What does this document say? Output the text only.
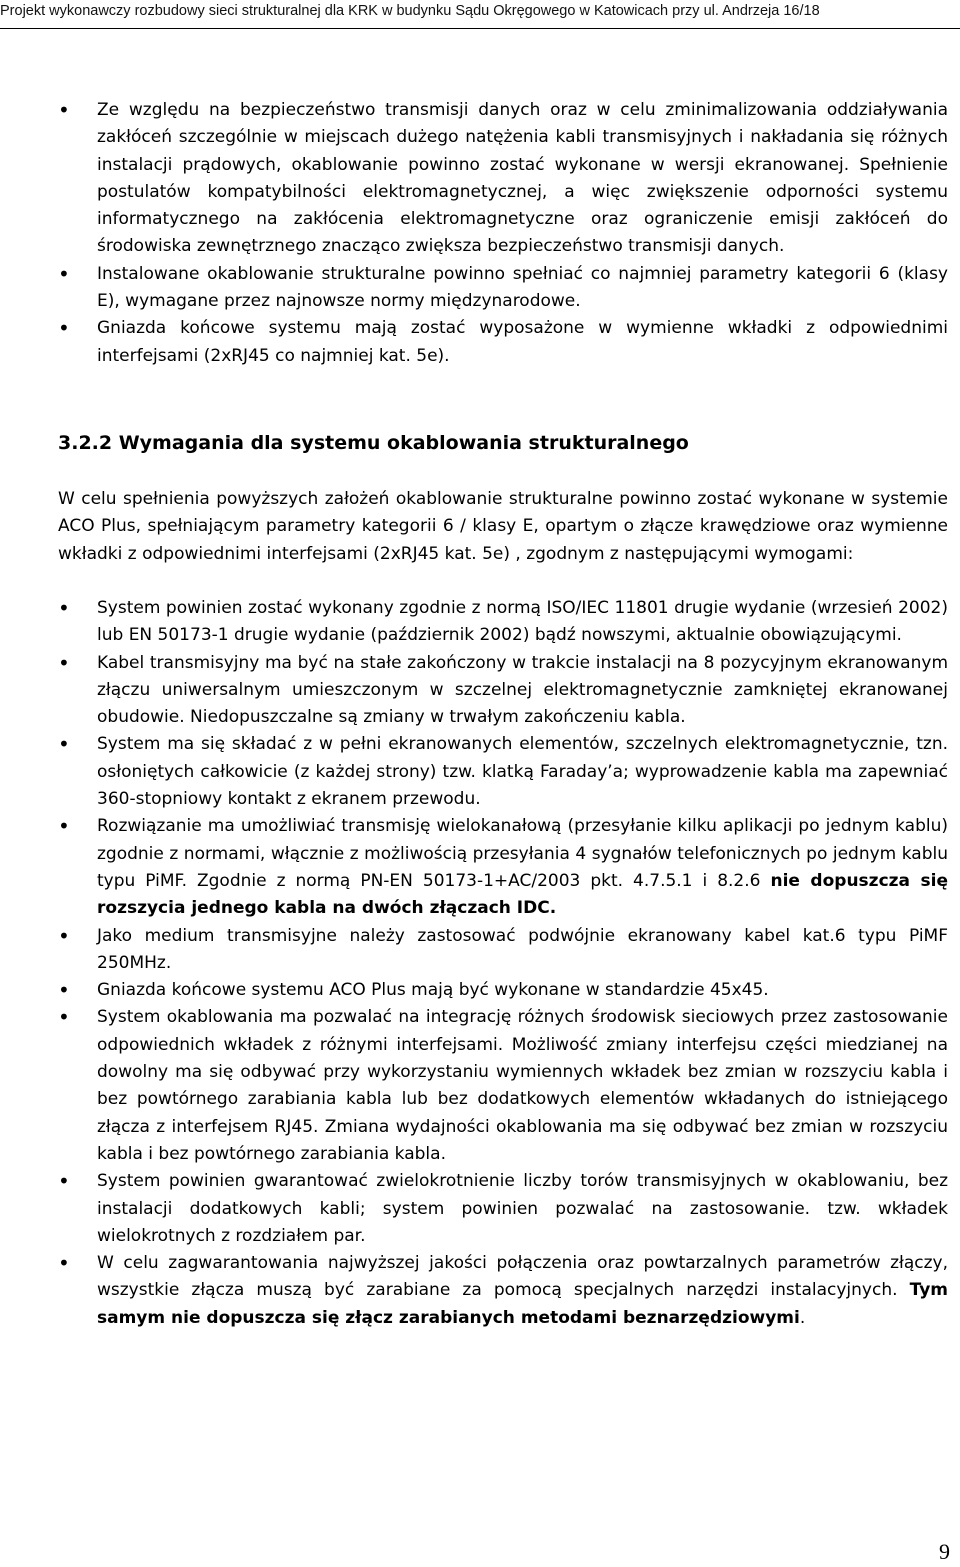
Projekt wykonawczy rozbudowy sieci strukturalnej dla KRK w budynku Sądu Okręgowego w Katowicach przy ul. Andrzeja 16/18
• Ze względu na bezpieczeństwo transmisji danych oraz w celu zminimalizowania oddziaływania zakłóceń szczególnie w miejscach dużego natężenia kabli transmisyjnych i nakładania się różnych instalacji prądowych, okablowanie powinno zostać wykonane w wersji ekranowanej. Spełnienie postulatów kompatybilności elektromagnetycznej, a więc zwiększenie odporności systemu informatycznego na zakłócenia elektromagnetyczne oraz ograniczenie emisji zakłóceń do środowiska zewnętrznego znacząco zwiększa bezpieczeństwo transmisji danych.
• Instalowane okablowanie strukturalne powinno spełniać co najmniej parametry kategorii 6 (klasy E), wymagane przez najnowsze normy międzynarodowe.
• Gniazda końcowe systemu mają zostać wyposażone w wymienne wkładki z odpowiednimi interfejsami (2xRJ45 co najmniej kat. 5e).
3.2.2 Wymagania dla systemu okablowania strukturalnego

W celu spełnienia powyższych założeń okablowanie strukturalne powinno zostać wykonane w systemie ACO Plus, spełniającym parametry kategorii 6 / klasy E, opartym o złącze krawędziowe oraz wymienne wkładki z odpowiednimi interfejsami (2xRJ45 kat. 5e) , zgodnym z następującymi wymogami:

• System powinien zostać wykonany zgodnie z normą ISO/IEC 11801 drugie wydanie (wrzesień 2002) lub EN 50173-1 drugie wydanie (październik 2002) bądź nowszymi, aktualnie obowiązującymi.
• Kabel transmisyjny ma być na stałe zakończony w trakcie instalacji na 8 pozycyjnym ekranowanym złączu uniwersalnym umieszczonym w szczelnej elektromagnetycznie zamkniętej ekranowanej obudowie. Niedopuszczalne są zmiany w trwałym zakończeniu kabla.
• System ma się składać z w pełni ekranowanych elementów, szczelnych elektromagnetycznie, tzn. osłoniętych całkowicie (z każdej strony) tzw. klatką Faraday’a; wyprowadzenie kabla ma zapewniać 360-stopniowy kontakt z ekranem przewodu.
• Rozwiązanie ma umożliwiać transmisję wielokanałową (przesyłanie kilku aplikacji po jednym kablu) zgodnie z normami, włącznie z możliwością przesyłania 4 sygnałów telefonicznych po jednym kablu typu PiMF. Zgodnie z normą PN-EN 50173-1+AC/2003 pkt. 4.7.5.1 i 8.2.6 nie dopuszcza się rozszycia jednego kabla na dwóch złączach IDC.
• Jako medium transmisyjne należy zastosować podwójnie ekranowany kabel kat.6 typu PiMF 250MHz.
• Gniazda końcowe systemu ACO Plus mają być wykonane w standardzie 45x45.
• System okablowania ma pozwalać na integrację różnych środowisk sieciowych przez zastosowanie odpowiednich wkładek z różnymi interfejsami. Możliwość zmiany interfejsu części miedzianej na dowolny ma się odbywać przy wykorzystaniu wymiennych wkładek bez zmian w rozszyciu kabla i bez powtórnego zarabiania kabla lub bez dodatkowych elementów wkładanych do istniejącego złącza z interfejsem RJ45. Zmiana wydajności okablowania ma się odbywać bez zmian w rozszyciu kabla i bez powtórnego zarabiania kabla.
• System powinien gwarantować zwielokrotnienie liczby torów transmisyjnych w okablowaniu, bez instalacji dodatkowych kabli; system powinien pozwalać na zastosowanie. tzw. wkładek wielokrotnych z rozdziałem par.
• W celu zagwarantowania najwyższej jakości połączenia oraz powtarzalnych parametrów złączy, wszystkie złącza muszą być zarabiane za pomocą specjalnych narzędzi instalacyjnych. Tym samym nie dopuszcza się złącz zarabianych metodami beznarzędziowymi.
9
